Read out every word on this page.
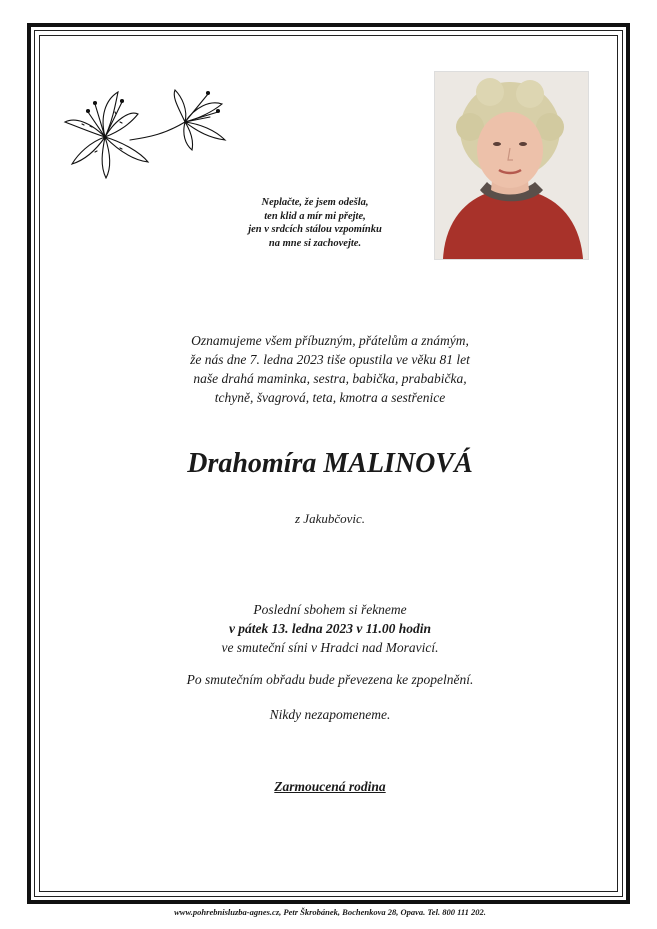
Neplačte, že jsem odešla,
ten klid a mír mi přejte,
jen v srdcích stálou vzpomínku
na mne si zachovejte.
Oznamujeme všem příbuzným, přátelům a známým,
že nás dne 7. ledna 2023 tiše opustila ve věku 81 let
naše drahá maminka, sestra, babička, prababička,
tchyně, švagrová, teta, kmotra a sestřenice
Drahomíra MALINOVÁ
z Jakubčovic.
Poslední sbohem si řekneme
v pátek 13. ledna 2023 v 11.00 hodin
ve smuteční síni v Hradci nad Moravicí.
Po smutečním obřadu bude převezena ke zpopelnění.
Nikdy nezapomeneme.
Zarmoucená rodina
www.pohrebnisluzba-agnes.cz, Petr Škrobánek, Bochenkova 28, Opava. Tel. 800 111 202.
